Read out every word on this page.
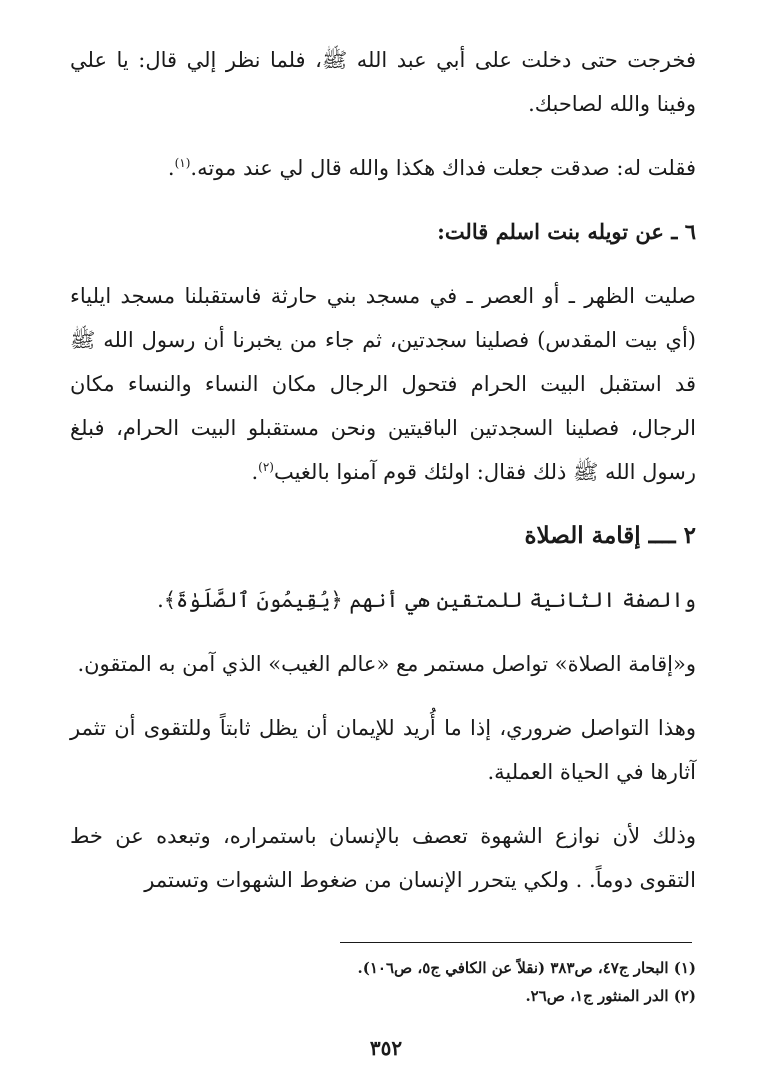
فخرجت حتى دخلت على أبي عبد الله ﷺ، فلما نظر إلي قال: يا علي وفينا والله لصاحبك.

فقلت له: صدقت جعلت فداك هكذا والله قال لي عند موته.$^{(١)}$.

٦ ـ عن تويله بنت اسلم قالت:

صليت الظهر ـ أو العصر ـ في مسجد بني حارثة فاستقبلنا مسجد ايلياء (أي بيت المقدس) فصلينا سجدتين، ثم جاء من يخبرنا أن رسول الله ﷺ قد استقبل البيت الحرام فتحول الرجال مكان النساء والنساء مكان الرجال، فصلينا السجدتين الباقيتين ونحن مستقبلو البيت الحرام، فبلغ رسول الله ﷺ ذلك فقال: اولئك قوم آمنوا بالغيب$^{(٢)}$.

٢ ــــ إقامة الصلاة

والصفة الثانية للمتقين هي أنهم ﴿يُقِيمُونَ ٱلصَّلَوٰةَ﴾.

و«إقامة الصلاة» تواصل مستمر مع «عالم الغيب» الذي آمن به المتقون.

وهذا التواصل ضروري، إذا ما أُريد للإيمان أن يظل ثابتاً وللتقوى أن تثمر آثارها في الحياة العملية.

وذلك لأن نوازع الشهوة تعصف بالإنسان باستمراره، وتبعده عن خط التقوى دوماً. . ولكي يتحرر الإنسان من ضغوط الشهوات وتستمر

(١) البحار ج٤٧، ص٣٨٣ (نقلاً عن الكافي ج٥، ص١٠٦).

(٢) الدر المنثور ج١، ص٢٦.

٣٥٢
